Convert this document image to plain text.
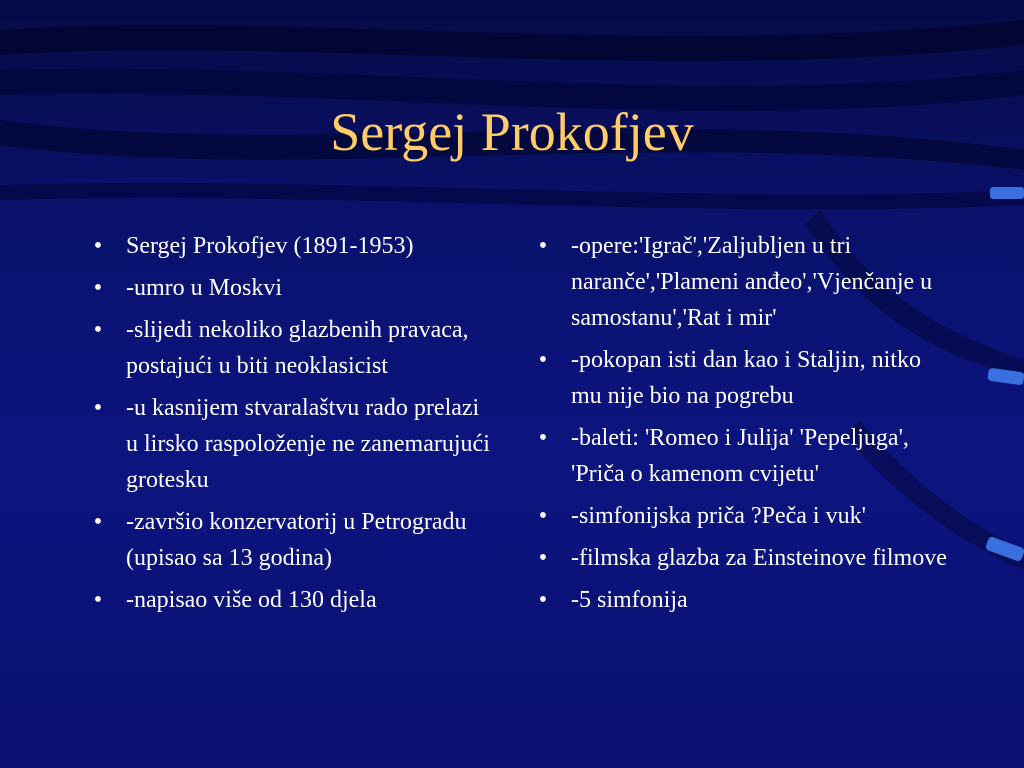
Sergej Prokofjev
• Sergej Prokofjev (1891-1953)
• -umro u Moskvi
• -slijedi nekoliko glazbenih pravaca, postajući u biti neoklasicist
• -u kasnijem stvaralaštvu rado prelazi u lirsko raspoloženje ne zanemarujući grotesku
• -završio konzervatorij u Petrogradu (upisao sa 13 godina)
• -napisao više od 130 djela
• -opere:'Igrač','Zaljubljen u tri naranče','Plameni anđeo','Vjenčanje u samostanu','Rat i mir'
• -pokopan isti dan kao i Staljin, nitko mu nije bio na pogrebu
• -baleti: 'Romeo i Julija' 'Pepeljuga', 'Priča o kamenom cvijetu'
• -simfonijska priča ?Peča i vuk'
• -filmska glazba za Einsteinove filmove
• -5 simfonija
